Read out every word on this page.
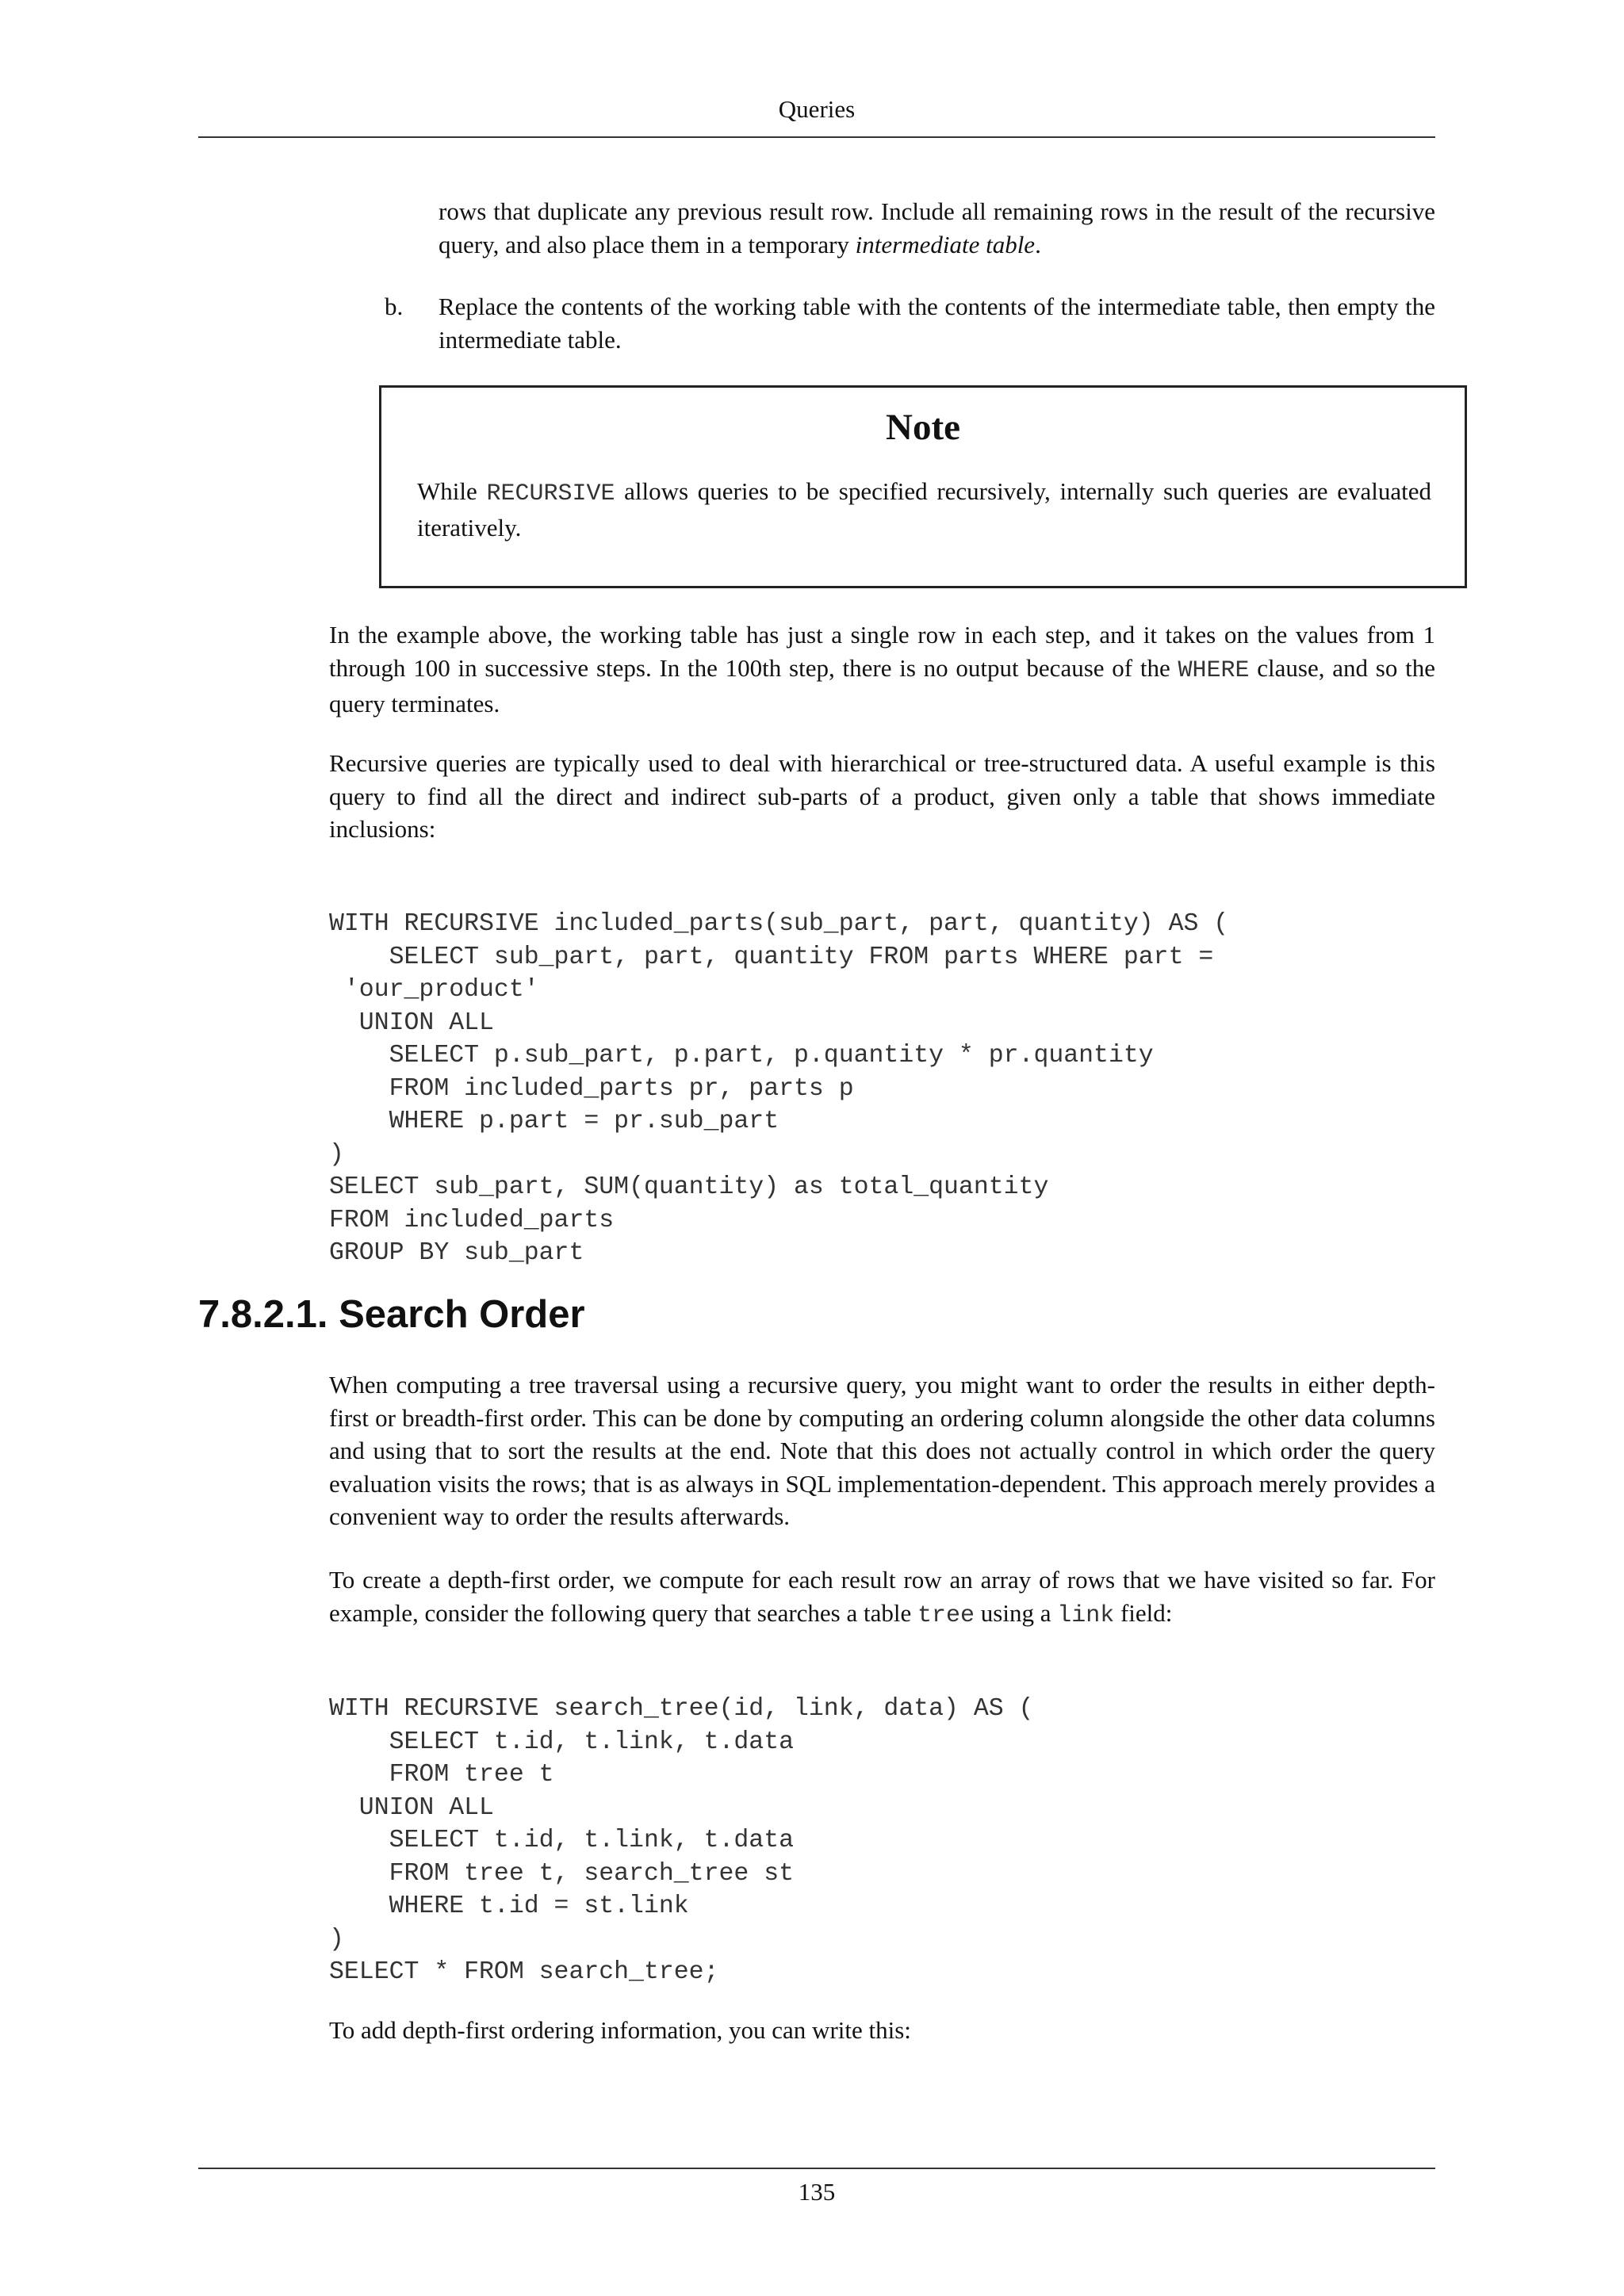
Queries

rows that duplicate any previous result row. Include all remaining rows in the result of the recursive query, and also place them in a temporary intermediate table.

b. Replace the contents of the working table with the contents of the intermediate table, then empty the intermediate table.

Note

While RECURSIVE allows queries to be specified recursively, internally such queries are evaluated iteratively.

In the example above, the working table has just a single row in each step, and it takes on the values from 1 through 100 in successive steps. In the 100th step, there is no output because of the WHERE clause, and so the query terminates.

Recursive queries are typically used to deal with hierarchical or tree-structured data. A useful example is this query to find all the direct and indirect sub-parts of a product, given only a table that shows immediate inclusions:

WITH RECURSIVE included_parts(sub_part, part, quantity) AS (
SELECT sub_part, part, quantity FROM parts WHERE part =
'our_product'
UNION ALL
SELECT p.sub_part, p.part, p.quantity * pr.quantity
FROM included_parts pr, parts p
WHERE p.part = pr.sub_part
)
SELECT sub_part, SUM(quantity) as total_quantity
FROM included_parts
GROUP BY sub_part
7.8.2.1. Search Order

When computing a tree traversal using a recursive query, you might want to order the results in either depth-first or breadth-first order. This can be done by computing an ordering column alongside the other data columns and using that to sort the results at the end. Note that this does not actually control in which order the query evaluation visits the rows; that is as always in SQL implementation-dependent. This approach merely provides a convenient way to order the results afterwards.

To create a depth-first order, we compute for each result row an array of rows that we have visited so far. For example, consider the following query that searches a table tree using a link field:

WITH RECURSIVE search_tree(id, link, data) AS (
SELECT t.id, t.link, t.data
FROM tree t
UNION ALL
SELECT t.id, t.link, t.data
FROM tree t, search_tree st
WHERE t.id = st.link
)
SELECT * FROM search_tree;

To add depth-first ordering information, you can write this:

135
